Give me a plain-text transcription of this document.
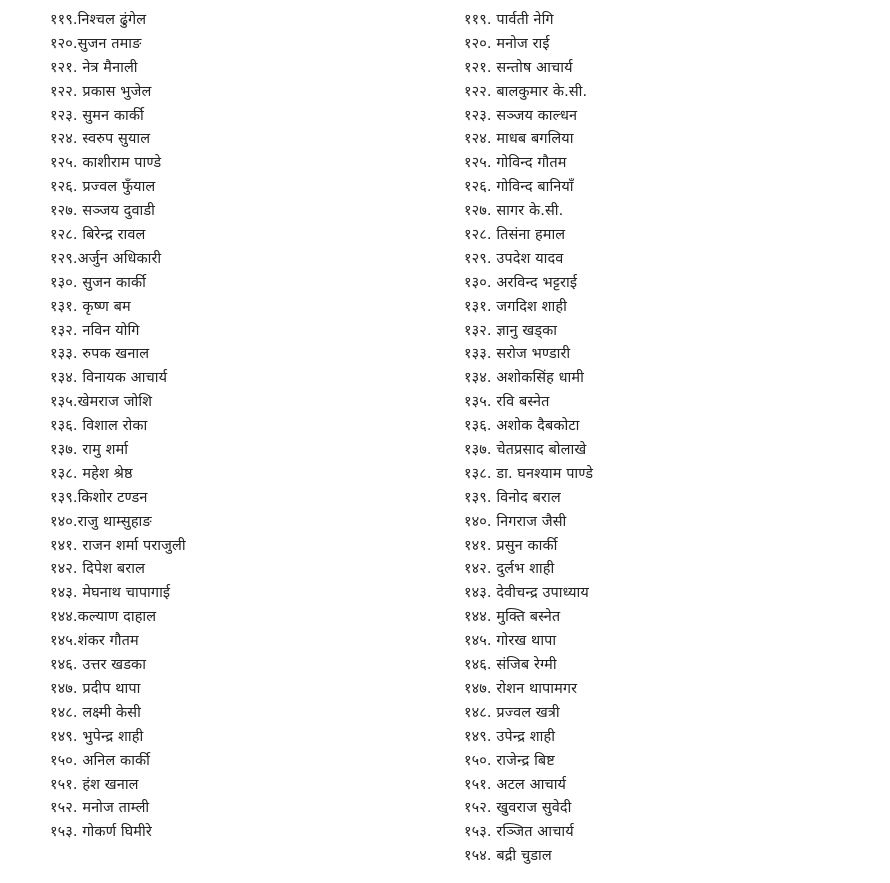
११९.निश्चल ढुंगेल
१२०.सुजन तमाङ
१२१. नेत्र मैनाली
१२२. प्रकास भुजेल
१२३. सुमन कार्की
१२४. स्वरुप सुयाल
१२५. काशीराम पाण्डे
१२६. प्रज्वल फुँयाल
१२७. सञ्जय दुवाडी
१२८. बिरेन्द्र रावल
१२९.अर्जुन अधिकारी
१३०. सुजन कार्की
१३१. कृष्ण बम
१३२. नविन योगि
१३३. रुपक खनाल
१३४. विनायक आचार्य
१३५.खेमराज जोशि
१३६. विशाल रोका
१३७. रामु शर्मा
१३८. महेश श्रेष्ठ
१३९.किशोर टण्डन
१४०.राजु थाम्सुहाङ
१४१. राजन शर्मा पराजुली
१४२. दिपेश बराल
१४३. मेघनाथ चापागाई
१४४.कल्याण दाहाल
१४५.शंकर गौतम
१४६. उत्तर खडका
१४७. प्रदीप थापा
१४८. लक्ष्मी केसी
१४९. भुपेन्द्र शाही
१५०. अनिल कार्की
१५१. हंश खनाल
१५२. मनोज ताम्ली
१५३. गोकर्ण घिमीरे
११९. पार्वती नेगि
१२०. मनोज राई
१२१. सन्तोष आचार्य
१२२. बालकुमार के.सी.
१२३. सञ्जय काल्धन
१२४. माधब बगलिया
१२५. गोविन्द गौतम
१२६. गोविन्द बानियाँ
१२७. सागर के.सी.
१२८. तिसंना हमाल
१२९. उपदेश यादव
१३०. अरविन्द भट्टराई
१३१. जगदिश शाही
१३२. ज्ञानु खड्का
१३३. सरोज भण्डारी
१३४. अशोकसिंह धामी
१३५. रवि बस्नेत
१३६. अशोक दैबकोटा
१३७. चेतप्रसाद बोलाखे
१३८. डा. घनश्याम पाण्डे
१३९. विनोद बराल
१४०. निगराज जैसी
१४१. प्रसुन कार्की
१४२. दुर्लभ शाही
१४३. देवीचन्द्र उपाध्याय
१४४. मुक्ति बस्नेत
१४५. गोरख थापा
१४६. संजिब रेग्मी
१४७. रोशन थापामगर
१४८. प्रज्वल खत्री
१४९. उपेन्द्र शाही
१५०. राजेन्द्र बिष्ट
१५१. अटल आचार्य
१५२. खुवराज सुवेदी
१५३. रञ्जित आचार्य
१५४. बद्री चुडाल
